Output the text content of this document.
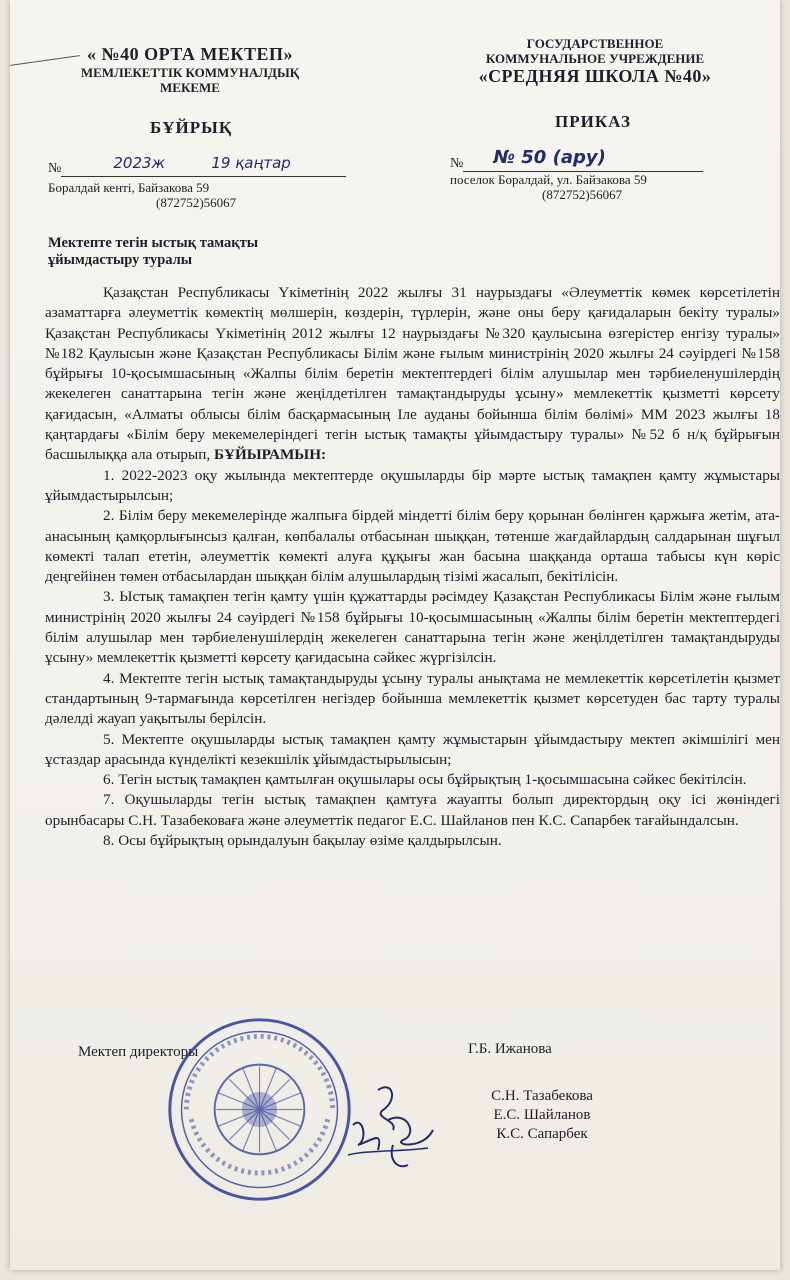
« №40 ОРТА МЕКТЕП»
МЕМЛЕКЕТТІК КОММУНАЛДЫҚ
МЕКЕМЕ
ГОСУДАРСТВЕННОЕ
КОММУНАЛЬНОЕ УЧРЕЖДЕНИЕ
«СРЕДНЯЯ ШКОЛА №40»
БҰЙРЫҚ	ПРИКАЗ
№	2023ж	19 қаңтар	№ № 50 (ару)
Боралдай кенті, Байзакова 59
(872752)56067
поселок Боралдай, ул. Байзакова 59
(872752)56067
Мектепте тегін ыстық тамақты
ұйымдастыру туралы

Қазақстан Республикасы Үкіметінің 2022 жылғы 31 наурыздағы «Әлеуметтік көмек көрсетілетін азаматтарға әлеуметтік көмектің мөлшерін, көздерін, түрлерін, және оны беру қағидаларын бекіту туралы» Қазақстан Республикасы Үкіметінің 2012 жылғы 12 наурыздағы №320 қаулысына өзгерістер енгізу туралы» №182 Қаулысын және Қазақстан Республикасы Білім және ғылым министрінің 2020 жылғы 24 сәуірдегі №158 бұйрығы 10-қосымшасының «Жалпы білім беретін мектептердегі білім алушылар мен тәрбиеленушілердің жекелеген санаттарына тегін және жеңілдетілген тамақтандыруды ұсыну» мемлекеттік қызметті көрсету қағидасын, «Алматы облысы білім басқармасының Іле ауданы бойынша білім бөлімі» ММ 2023 жылғы 18 қаңтардағы «Білім беру мекемелеріндегі тегін ыстық тамақты ұйымдастыру туралы» №52 б н/қ бұйрығын басшылыққа ала отырып, БҰЙЫРАМЫН:

1. 2022-2023 оқу жылында мектептерде оқушыларды бір мәрте ыстық тамақпен қамту жұмыстары ұйымдастырылсын;

2. Білім беру мекемелерінде жалпыға бірдей міндетті білім беру қорынан бөлінген қаржыға жетім, ата-анасының қамқорлығынсыз қалған, көпбалалы отбасынан шыққан, төтенше жағдайлардың салдарынан шұғыл көмекті талап ететін, әлеуметтік көмекті алуға құқығы жан басына шаққанда орташа табысы күн көріс деңгейінен төмен отбасылардан шыққан білім алушылардың тізімі жасалып, бекітілісін.

3. Ыстық тамақпен тегін қамту үшін құжаттарды рәсімдеу Қазақстан Республикасы Білім және ғылым министрінің 2020 жылғы 24 сәуірдегі №158 бұйрығы 10-қосымшасының «Жалпы білім беретін мектептердегі білім алушылар мен тәрбиеленушілердің жекелеген санаттарына тегін және жеңілдетілген тамақтандыруды ұсыну» мемлекеттік қызметті көрсету қағидасына сәйкес жүргізілсін.

4. Мектепте тегін ыстық тамақтандыруды ұсыну туралы анықтама не мемлекеттік көрсетілетін қызмет стандартының 9-тармағында көрсетілген негіздер бойынша мемлекеттік қызмет көрсетуден бас тарту туралы дәлелді жауап уақытылы берілсін.

5. Мектепте оқушыларды ыстық тамақпен қамту жұмыстарын ұйымдастыру мектеп әкімшілігі мен ұстаздар арасында күнделікті кезекшілік ұйымдастырылысын;

6. Тегін ыстық тамақпен қамтылған оқушылары осы бұйрықтың 1-қосымшасына сәйкес бекітілсін.

7. Оқушыларды тегін ыстық тамақпен қамтуға жауапты болып директордың оқу ісі жөніндегі орынбасары С.Н. Тазабековаға және әлеуметтік педагог Е.С. Шайланов пен К.С. Сапарбек тағайындалсын.

8. Осы бұйрықтың орындалуын бақылау өзіме қалдырылсын.

Мектеп директоры	Г.Б. Ижанова
С.Н. Тазабекова
Е.С. Шайланов
К.С. Сапарбек
